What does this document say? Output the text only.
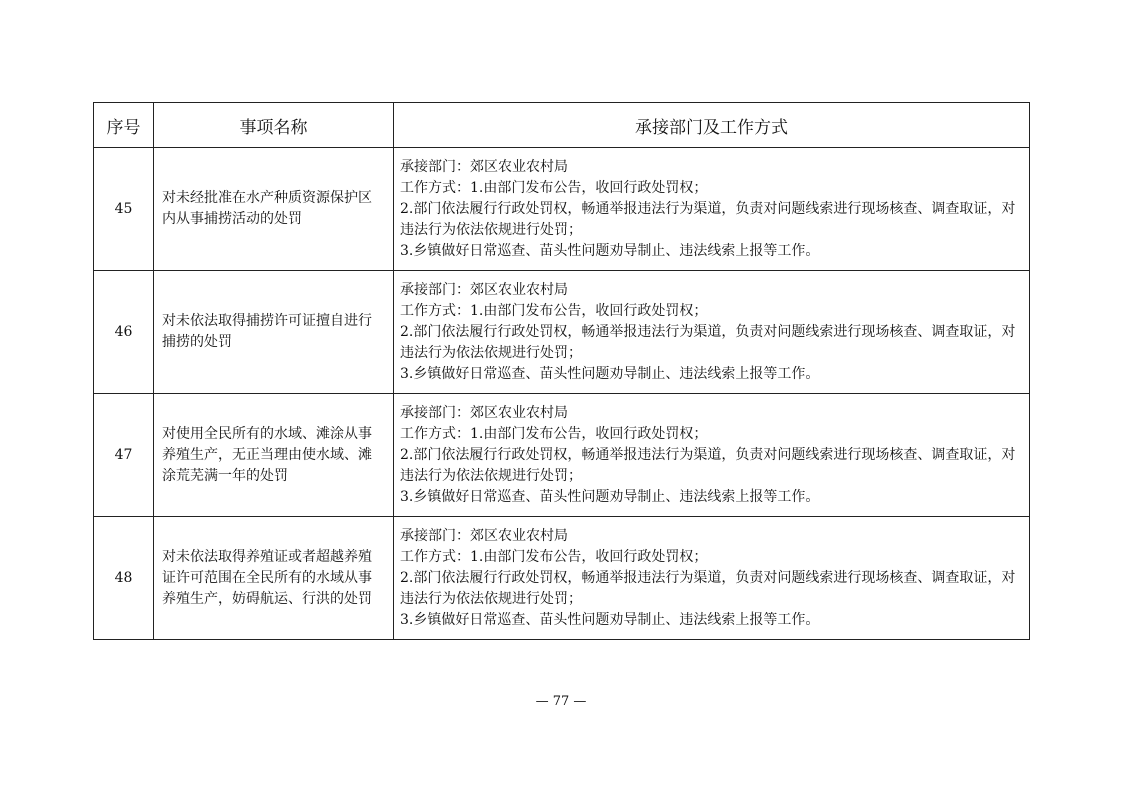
序号	事项名称	承接部门及工作方式
45	对未经批准在水产种质资源保护区内从事捕捞活动的处罚	承接部门：郊区农业农村局
工作方式：1.由部门发布公告，收回行政处罚权；
2.部门依法履行行政处罚权，畅通举报违法行为渠道，负责对问题线索进行现场核查、调查取证，对违法行为依法依规进行处罚；
3.乡镇做好日常巡查、苗头性问题劝导制止、违法线索上报等工作。

46	对未依法取得捕捞许可证擅自进行捕捞的处罚	承接部门：郊区农业农村局
工作方式：1.由部门发布公告，收回行政处罚权；
2.部门依法履行行政处罚权，畅通举报违法行为渠道，负责对问题线索进行现场核查、调查取证，对违法行为依法依规进行处罚；
3.乡镇做好日常巡查、苗头性问题劝导制止、违法线索上报等工作。

47	对使用全民所有的水域、滩涂从事养殖生产，无正当理由使水域、滩涂荒芜满一年的处罚	承接部门：郊区农业农村局
工作方式：1.由部门发布公告，收回行政处罚权；
2.部门依法履行行政处罚权，畅通举报违法行为渠道，负责对问题线索进行现场核查、调查取证，对违法行为依法依规进行处罚；
3.乡镇做好日常巡查、苗头性问题劝导制止、违法线索上报等工作。

48	对未依法取得养殖证或者超越养殖证许可范围在全民所有的水域从事养殖生产，妨碍航运、行洪的处罚	承接部门：郊区农业农村局
工作方式：1.由部门发布公告，收回行政处罚权；
2.部门依法履行行政处罚权，畅通举报违法行为渠道，负责对问题线索进行现场核查、调查取证，对违法行为依法依规进行处罚；
3.乡镇做好日常巡查、苗头性问题劝导制止、违法线索上报等工作。
— 77 —
